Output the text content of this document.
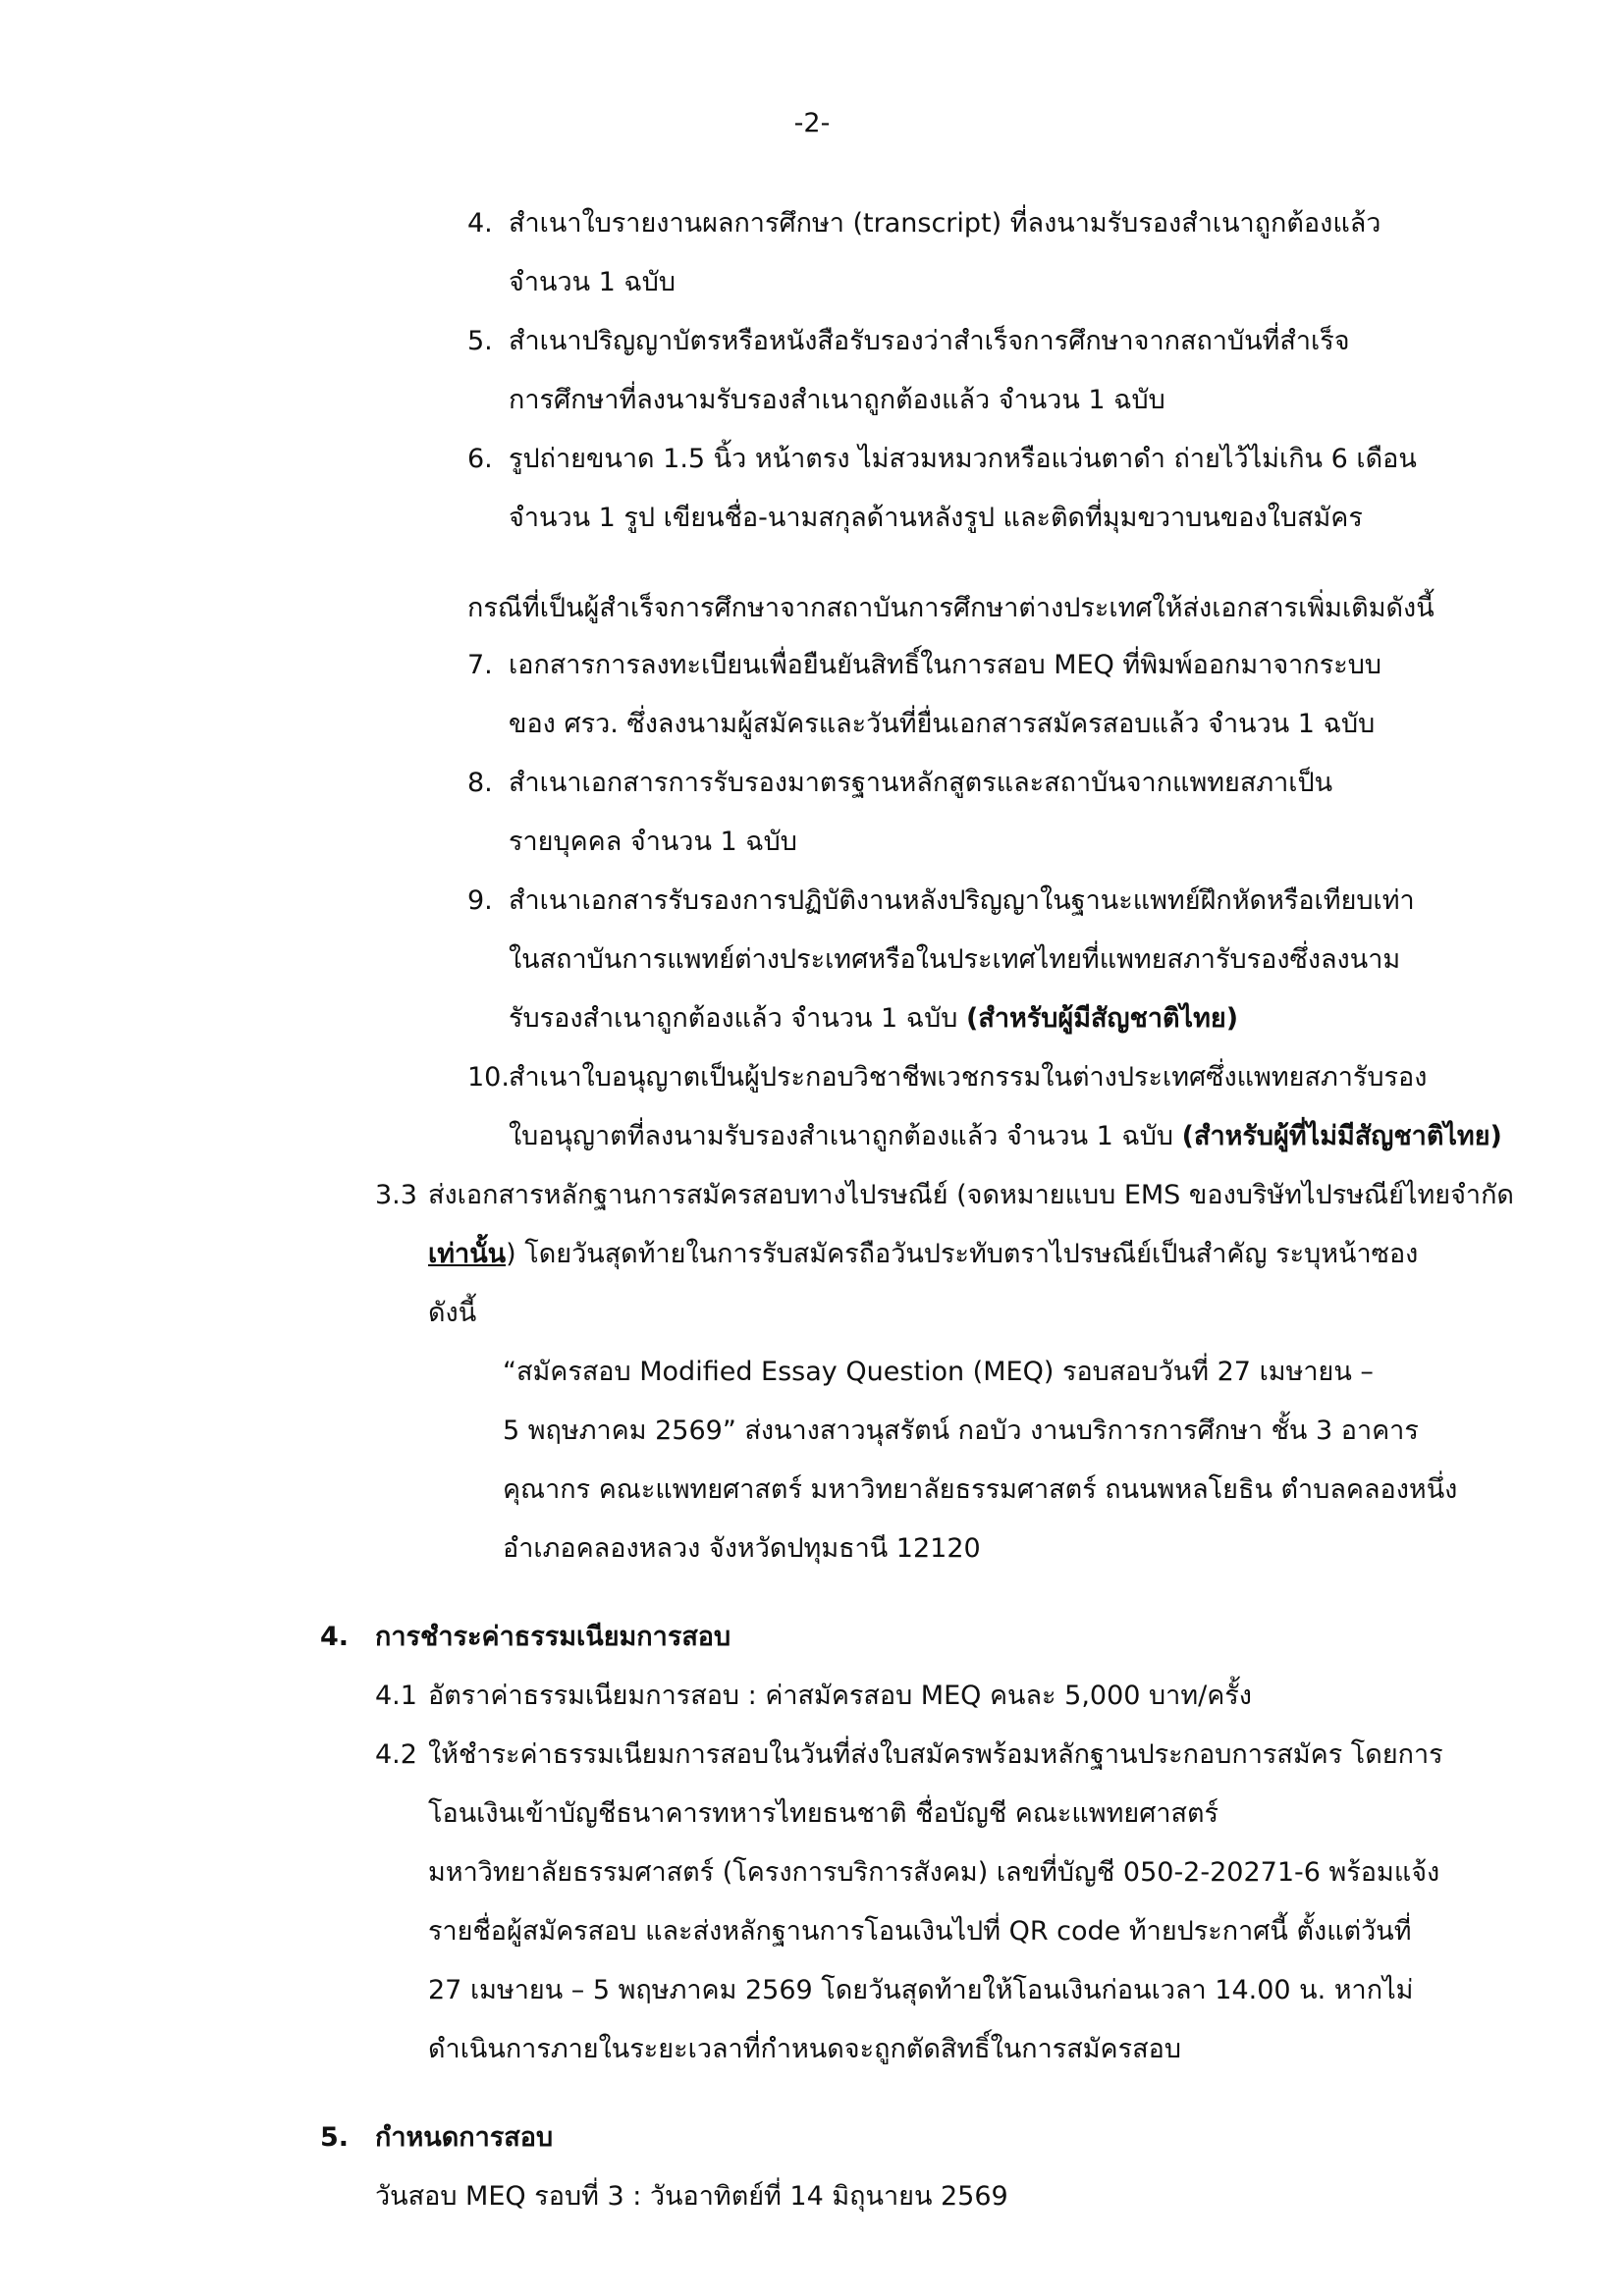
-2-
4. สำเนาใบรายงานผลการศึกษา (transcript) ที่ลงนามรับรองสำเนาถูกต้องแล้ว
จำนวน 1 ฉบับ
5. สำเนาปริญญาบัตรหรือหนังสือรับรองว่าสำเร็จการศึกษาจากสถาบันที่สำเร็จ
การศึกษาที่ลงนามรับรองสำเนาถูกต้องแล้ว จำนวน 1 ฉบับ
6. รูปถ่ายขนาด 1.5 นิ้ว หน้าตรง ไม่สวมหมวกหรือแว่นตาดำ ถ่ายไว้ไม่เกิน 6 เดือน
จำนวน 1 รูป เขียนชื่อ-นามสกุลด้านหลังรูป และติดที่มุมขวาบนของใบสมัคร
กรณีที่เป็นผู้สำเร็จการศึกษาจากสถาบันการศึกษาต่างประเทศให้ส่งเอกสารเพิ่มเติมดังนี้
7. เอกสารการลงทะเบียนเพื่อยืนยันสิทธิ์ในการสอบ MEQ ที่พิมพ์ออกมาจากระบบ
ของ ศรว. ซึ่งลงนามผู้สมัครและวันที่ยื่นเอกสารสมัครสอบแล้ว จำนวน 1 ฉบับ
8. สำเนาเอกสารการรับรองมาตรฐานหลักสูตรและสถาบันจากแพทยสภาเป็น
รายบุคคล จำนวน 1 ฉบับ
9. สำเนาเอกสารรับรองการปฏิบัติงานหลังปริญญาในฐานะแพทย์ฝึกหัดหรือเทียบเท่า
ในสถาบันการแพทย์ต่างประเทศหรือในประเทศไทยที่แพทยสภารับรองซึ่งลงนาม
รับรองสำเนาถูกต้องแล้ว จำนวน 1 ฉบับ (สำหรับผู้มีสัญชาติไทย)
10. สำเนาใบอนุญาตเป็นผู้ประกอบวิชาชีพเวชกรรมในต่างประเทศซึ่งแพทยสภารับรอง
ใบอนุญาตที่ลงนามรับรองสำเนาถูกต้องแล้ว จำนวน 1 ฉบับ (สำหรับผู้ที่ไม่มีสัญชาติไทย)
3.3 ส่งเอกสารหลักฐานการสมัครสอบทางไปรษณีย์ (จดหมายแบบ EMS ของบริษัทไปรษณีย์ไทยจำกัด
เท่านั้น) โดยวันสุดท้ายในการรับสมัครถือวันประทับตราไปรษณีย์เป็นสำคัญ ระบุหน้าซอง
ดังนี้
“สมัครสอบ Modified Essay Question (MEQ) รอบสอบวันที่ 27 เมษายน –
5 พฤษภาคม 2569” ส่งนางสาวนุสรัตน์ กอบัว งานบริการการศึกษา ชั้น 3 อาคาร
คุณากร คณะแพทยศาสตร์ มหาวิทยาลัยธรรมศาสตร์ ถนนพหลโยธิน ตำบลคลองหนึ่ง
อำเภอคลองหลวง จังหวัดปทุมธานี 12120
4. การชำระค่าธรรมเนียมการสอบ
4.1 อัตราค่าธรรมเนียมการสอบ : ค่าสมัครสอบ MEQ คนละ 5,000 บาท/ครั้ง
4.2 ให้ชำระค่าธรรมเนียมการสอบในวันที่ส่งใบสมัครพร้อมหลักฐานประกอบการสมัคร โดยการ
โอนเงินเข้าบัญชีธนาคารทหารไทยธนชาติ ชื่อบัญชี คณะแพทยศาสตร์
มหาวิทยาลัยธรรมศาสตร์ (โครงการบริการสังคม) เลขที่บัญชี 050-2-20271-6 พร้อมแจ้ง
รายชื่อผู้สมัครสอบ และส่งหลักฐานการโอนเงินไปที่ QR code ท้ายประกาศนี้ ตั้งแต่วันที่
27 เมษายน – 5 พฤษภาคม 2569 โดยวันสุดท้ายให้โอนเงินก่อนเวลา 14.00 น. หากไม่
ดำเนินการภายในระยะเวลาที่กำหนดจะถูกตัดสิทธิ์ในการสมัครสอบ
5. กำหนดการสอบ
วันสอบ MEQ รอบที่ 3 : วันอาทิตย์ที่ 14 มิถุนายน 2569
